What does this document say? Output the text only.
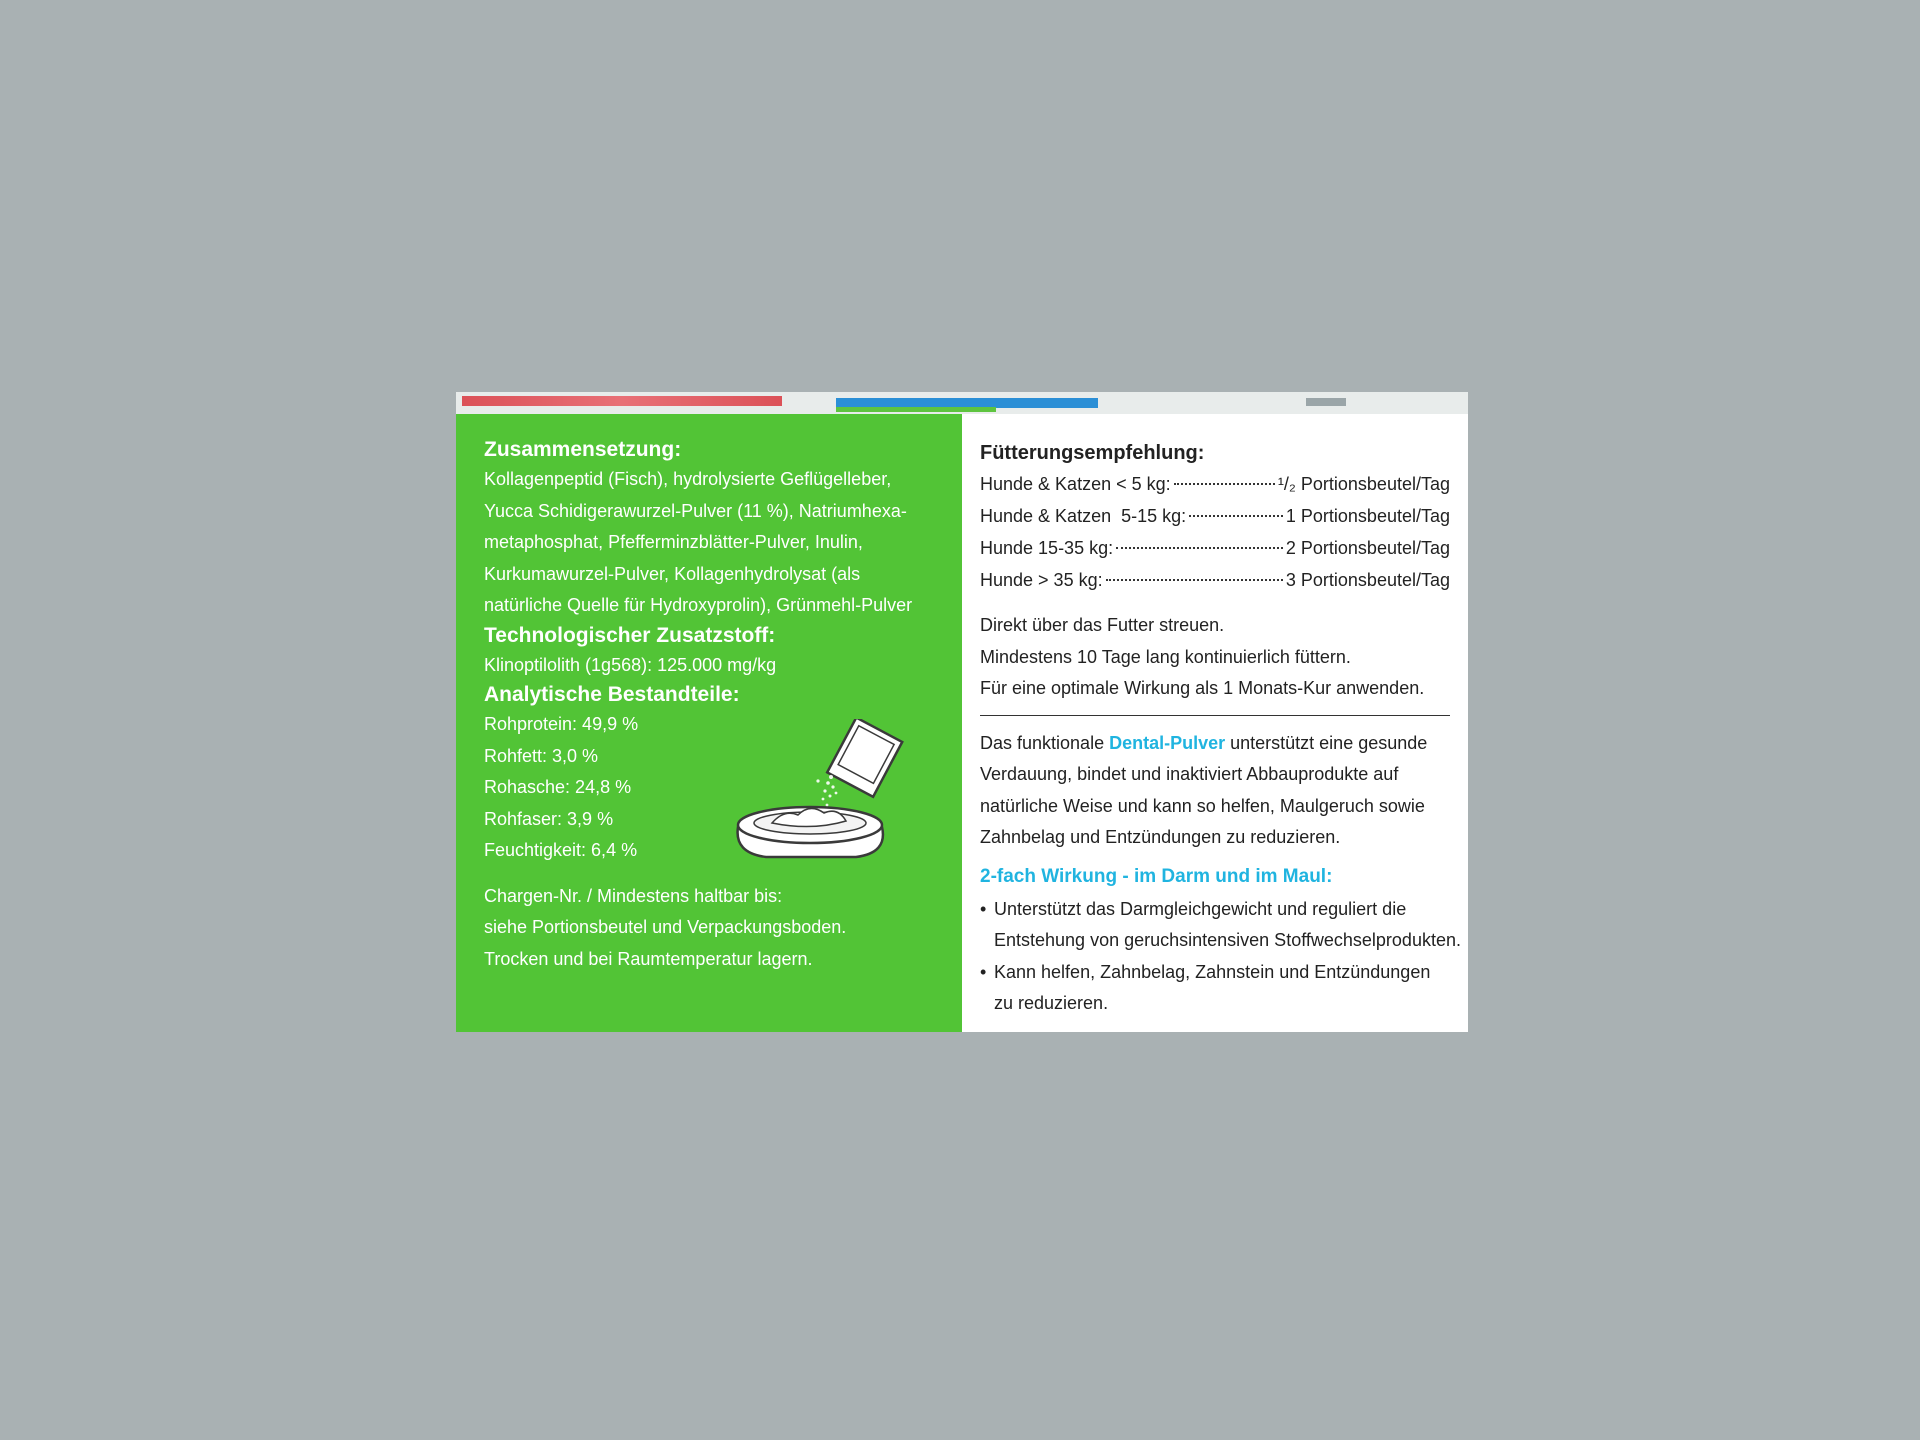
Zusammensetzung:

Kollagenpeptid (Fisch), hydrolysierte Geflügelleber,

Yucca Schidigerawurzel-Pulver (11 %), Natriumhexa-

metaphosphat, Pfefferminzblätter-Pulver, Inulin,

Kurkumawurzel-Pulver, Kollagenhydrolysat (als

natürliche Quelle für Hydroxyprolin), Grünmehl-Pulver

Technologischer Zusatzstoff:

Klinoptilolith (1g568): 125.000 mg/kg

Analytische Bestandteile:

Rohprotein: 49,9 %

Rohfett: 3,0 %

Rohasche: 24,8 %

Rohfaser: 3,9 %

Feuchtigkeit: 6,4 %

Chargen-Nr. / Mindestens haltbar bis:

siehe Portionsbeutel und Verpackungsboden.

Trocken und bei Raumtemperatur lagern.

Fütterungsempfehlung:

Hunde & Katzen < 5 kg:	¹/₂ Portionsbeutel/Tag
Hunde & Katzen  5-15 kg:	1 Portionsbeutel/Tag
Hunde 15-35 kg:	2 Portionsbeutel/Tag
Hunde > 35 kg:	3 Portionsbeutel/Tag

Direkt über das Futter streuen.

Mindestens 10 Tage lang kontinuierlich füttern.

Für eine optimale Wirkung als 1 Monats-Kur anwenden.

Das funktionale Dental-Pulver unterstützt eine gesunde
Verdauung, bindet und inaktiviert Abbauprodukte auf
natürliche Weise und kann so helfen, Maulgeruch sowie
Zahnbelag und Entzündungen zu reduzieren.

2-fach Wirkung - im Darm und im Maul:

• Unterstützt das Darmgleichgewicht und reguliert die
Entstehung von geruchsintensiven Stoffwechselprodukten.
• Kann helfen, Zahnbelag, Zahnstein und Entzündungen
zu reduzieren.
